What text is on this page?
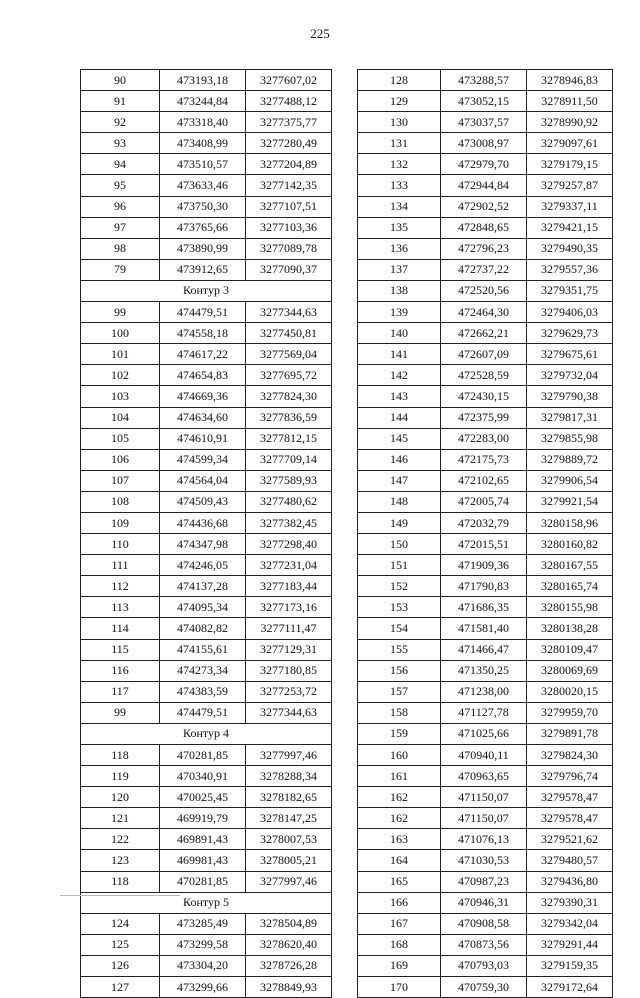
225
90	473193,18	3277607,02
91	473244,84	3277488,12
92	473318,40	3277375,77
93	473408,99	3277280,49
94	473510,57	3277204,89
95	473633,46	3277142,35
96	473750,30	3277107,51
97	473765,66	3277103,36
98	473890,99	3277089,78
79	473912,65	3277090,37
Контур 3		
99	474479,51	3277344,63
100	474558,18	3277450,81
101	474617,22	3277569,04
102	474654,83	3277695,72
103	474669,36	3277824,30
104	474634,60	3277836,59
105	474610,91	3277812,15
106	474599,34	3277709,14
107	474564,04	3277589,93
108	474509,43	3277480,62
109	474436,68	3277382,45
110	474347,98	3277298,40
111	474246,05	3277231,04
112	474137,28	3277183,44
113	474095,34	3277173,16
114	474082,82	3277111,47
115	474155,61	3277129,31
116	474273,34	3277180,85
117	474383,59	3277253,72
99	474479,51	3277344,63
Контур 4		
118	470281,85	3277997,46
119	470340,91	3278288,34
120	470025,45	3278182,65
121	469919,79	3278147,25
122	469891,43	3278007,53
123	469981,43	3278005,21
118	470281,85	3277997,46
Контур 5		
124	473285,49	3278504,89
125	473299,58	3278620,40
126	473304,20	3278726,28
127	473299,66	3278849,93
128	473288,57	3278946,83
129	473052,15	3278911,50
130	473037,57	3278990,92
131	473008,97	3279097,61
132	472979,70	3279179,15
133	472944,84	3279257,87
134	472902,52	3279337,11
135	472848,65	3279421,15
136	472796,23	3279490,35
137	472737,22	3279557,36
138	472520,56	3279351,75
139	472464,30	3279406,03
140	472662,21	3279629,73
141	472607,09	3279675,61
142	472528,59	3279732,04
143	472430,15	3279790,38
144	472375,99	3279817,31
145	472283,00	3279855,98
146	472175,73	3279889,72
147	472102,65	3279906,54
148	472005,74	3279921,54
149	472032,79	3280158,96
150	472015,51	3280160,82
151	471909,36	3280167,55
152	471790,83	3280165,74
153	471686,35	3280155,98
154	471581,40	3280138,28
155	471466,47	3280109,47
156	471350,25	3280069,69
157	471238,00	3280020,15
158	471127,78	3279959,70
159	471025,66	3279891,78
160	470940,11	3279824,30
161	470963,65	3279796,74
162	471150,07	3279578,47
162	471150,07	3279578,47
163	471076,13	3279521,62
164	471030,53	3279480,57
165	470987,23	3279436,80
166	470946,31	3279390,31
167	470908,58	3279342,04
168	470873,56	3279291,44
169	470793,03	3279159,35
170	470759,30	3279172,64
